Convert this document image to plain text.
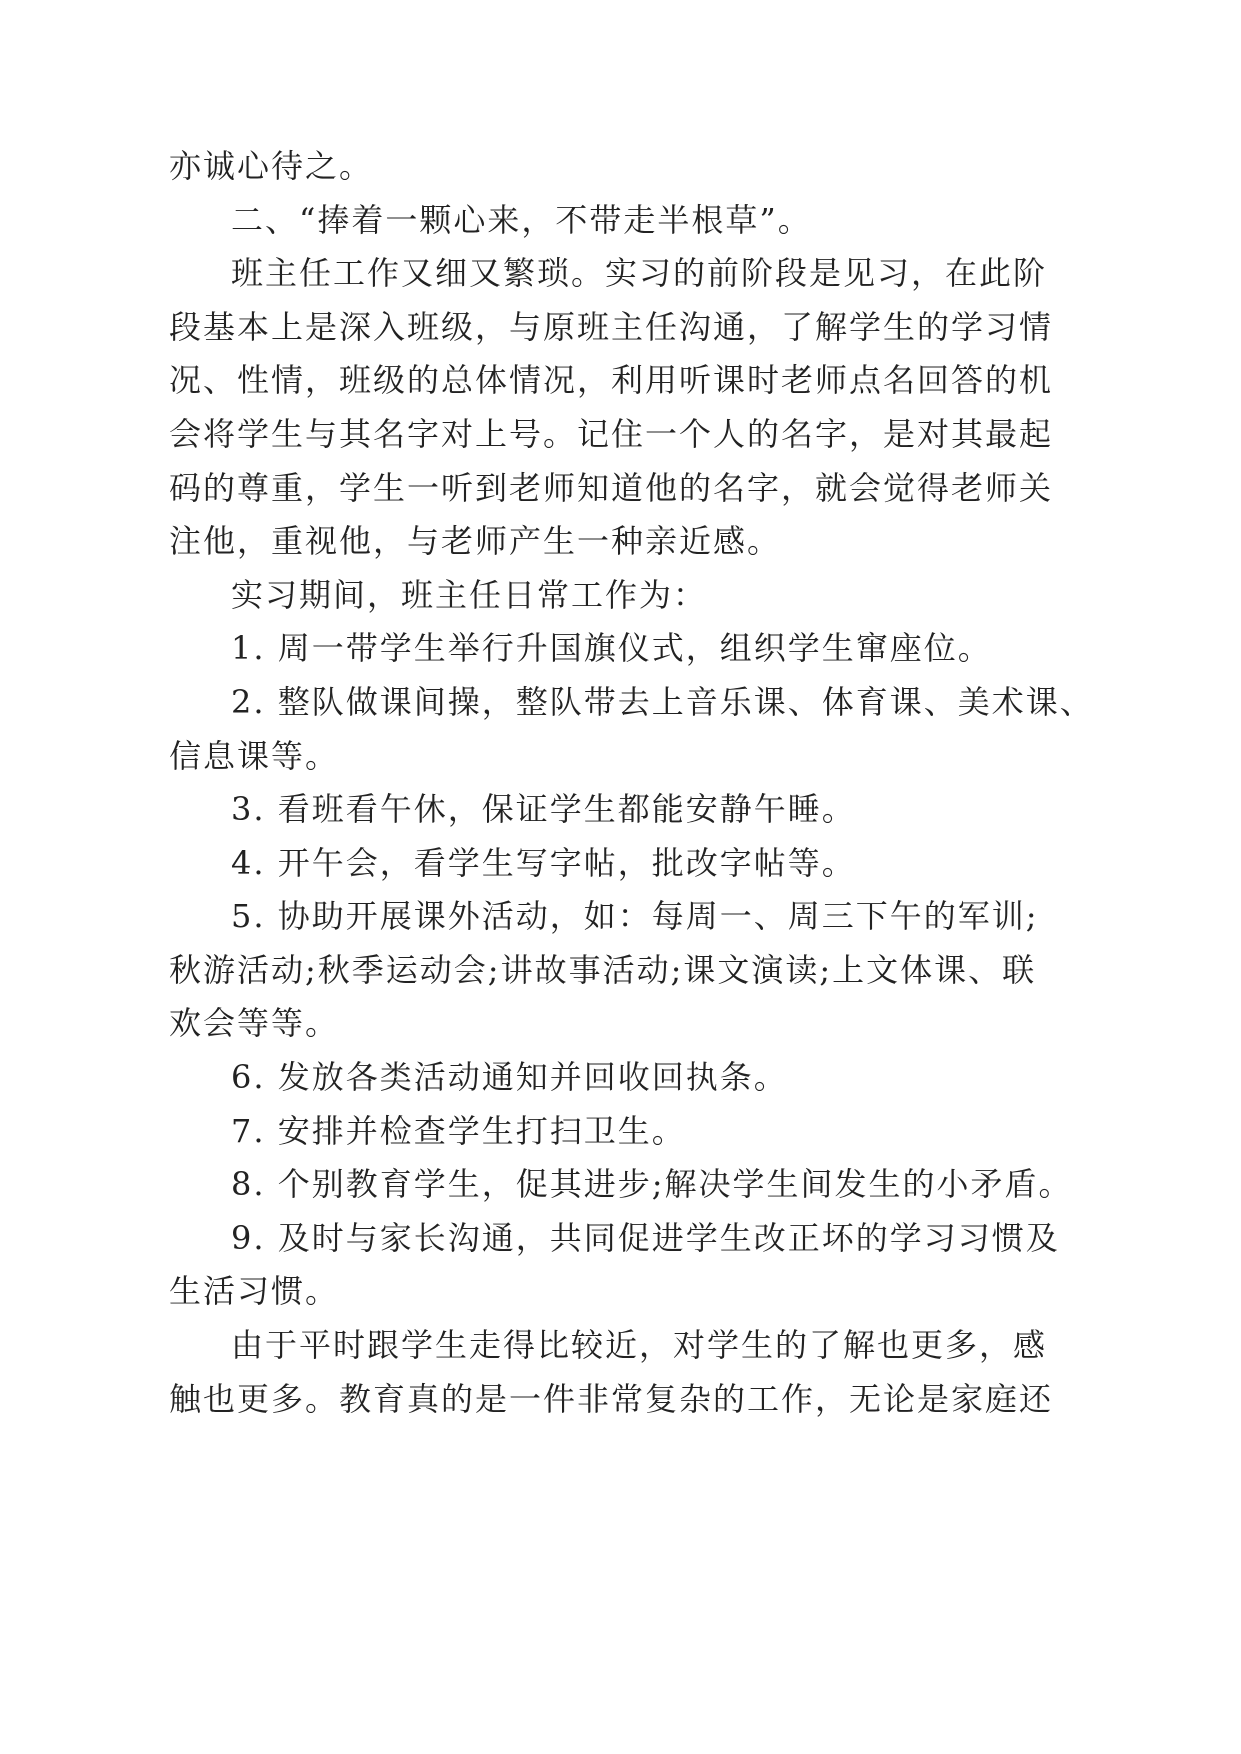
亦诚心待之。

二、“捧着一颗心来，不带走半根草”。

班主任工作又细又繁琐。实习的前阶段是见习，在此阶

段基本上是深入班级，与原班主任沟通，了解学生的学习情

况、性情，班级的总体情况，利用听课时老师点名回答的机

会将学生与其名字对上号。记住一个人的名字，是对其最起

码的尊重，学生一听到老师知道他的名字，就会觉得老师关

注他，重视他，与老师产生一种亲近感。

实习期间，班主任日常工作为：

1. 周一带学生举行升国旗仪式，组织学生窜座位。

2. 整队做课间操，整队带去上音乐课、体育课、美术课、

信息课等。

3. 看班看午休，保证学生都能安静午睡。

4. 开午会，看学生写字帖，批改字帖等。

5. 协助开展课外活动，如：每周一、周三下午的军训;

秋游活动;秋季运动会;讲故事活动;课文演读;上文体课、联

欢会等等。

6. 发放各类活动通知并回收回执条。

7. 安排并检查学生打扫卫生。

8. 个别教育学生，促其进步;解决学生间发生的小矛盾。

9. 及时与家长沟通，共同促进学生改正坏的学习习惯及

生活习惯。

由于平时跟学生走得比较近，对学生的了解也更多，感

触也更多。教育真的是一件非常复杂的工作，无论是家庭还
